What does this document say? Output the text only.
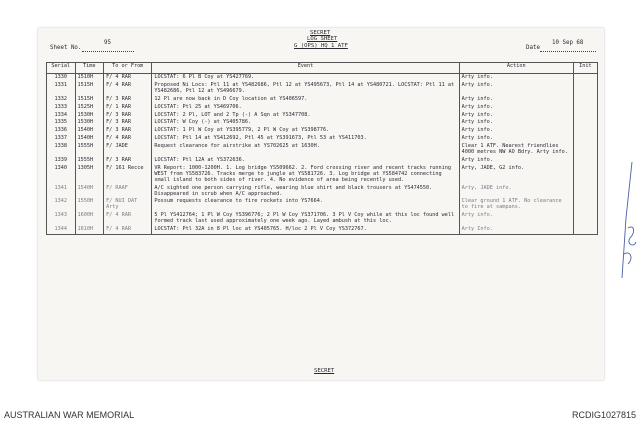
SECRET
LOG SHEET
G (OPS) HQ 1 ATF
Sheet No.
95
Date
10 Sep 68
Serial	Time	To or From	Event	Action	Init
1330	1510H	F/ 4 RAR	LOCSTAT: 6 Pl B Coy at YS427769.	Arty info.	
1331	1515H	F/ 4 RAR	Proposed Ni Locs: Ptl 11 at YS482686, Ptl 12 at YS495673, Ptl 14 at YS480721. LOCSTAT: Ptl 11 at YS482686, Ptl 12 at YS496679.	Arty info.	
1332	1515H	F/ 3 RAR	12 Pl are now back in D Coy location at YS406597.	Arty info.	
1333	1525H	F/ 1 RAR	LOCSTAT: Ptl 25 at YS469706.	Arty info.	
1334	1530H	F/ 3 RAR	LOCSTAT: 2 Pl, LOT and 2 Tp (-) A Sqn at YS347708.	Arty info.	
1335	1530H	F/ 3 RAR	LOCSTAT: W Coy (-) at YS405786.	Arty info.	
1336	1540H	F/ 3 RAR	LOCSTAT: 1 Pl W Coy at YS395779, 2 Pl W Coy at YS398776.	Arty info.	
1337	1540H	F/ 4 RAR	LOCSTAT: Ptl 14 at YS412692, Ptl 45 at YS391673, Ptl 53 at YS411703.	Arty info.	
1338	1555H	F/ JADE	Request clearance for airstrike at YS702625 at 1630H.	Clear 1 ATF. Nearest friendlies 4000 metres NW AO Bdry. Arty info.	
1339	1555H	F/ 3 RAR	LOCSTAT: Ptl 12A at YS372636.	Arty info.	
1340	1305H	F/ 161 Recce	VR Report: 1000-1200H. 1. Log bridge YS509662. 2. Ford crossing river and recent tracks running WEST from YS583726. Tracks merge to jungle at YS581726. 3. Log bridge at YS584742 connecting small island to both sides of river. 4. No evidence of area being recently used.	Arty, JADE, G2 info.	
1341	1540H	F/ RAAF	A/C sighted one person carrying rifle, wearing blue shirt and black trousers at YS474550. Disappeared in scrub when A/C approached.	Arty, JADE info.	
1342	1550H	F/ NUI DAT Arty	Possum requests clearance to fire rockets into YS7664.	Clear ground 1 ATF. No clearance to fire at sampans.	
1343	1600H	F/ 4 RAR	5 Pl YS412764; 1 Pl W Coy YS396776; 2 Pl W Coy YS371706. 3 Pl V Coy while at this loc found well formed track last used approximately one week ago. Layed ambush at this loc.	Arty info.	
1344	1610H	F/ 4 RAR	LOCSTAT: Ptl 32A in 8 Pl loc at YS405765. H/loc 2 Pl V Coy YS372767.	Arty Info.	
SECRET
AUSTRALIAN WAR MEMORIAL	RCDIG1027815
